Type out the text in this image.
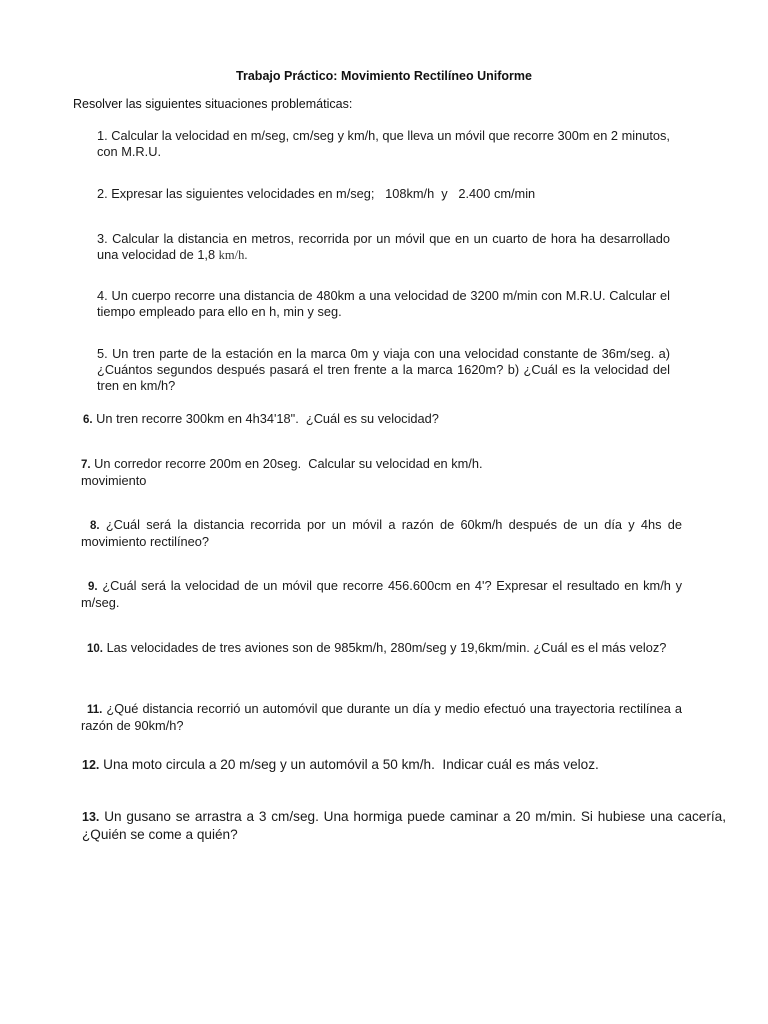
Trabajo Práctico: Movimiento Rectilíneo Uniforme
Resolver las siguientes situaciones problemáticas:
1. Calcular la velocidad en m/seg, cm/seg y km/h, que lleva un móvil que recorre 300m en 2 minutos, con M.R.U.
2. Expresar las siguientes velocidades en m/seg;   108km/h  y   2.400 cm/min
3. Calcular la distancia en metros, recorrida por un móvil que en un cuarto de hora ha desarrollado una velocidad de 1,8 km/h.
4. Un cuerpo recorre una distancia de 480km a una velocidad de 3200 m/min con M.R.U. Calcular el tiempo empleado para ello en h, min y seg.
5. Un tren parte de la estación en la marca 0m y viaja con una velocidad constante de 36m/seg. a) ¿Cuántos segundos después pasará el tren frente a la marca 1620m? b) ¿Cuál es la velocidad del tren en km/h?
6. Un tren recorre 300km en 4h34'18".  ¿Cuál es su velocidad?
7. Un corredor recorre 200m en 20seg.  Calcular su velocidad en km/h.
movimiento
8. ¿Cuál será la distancia recorrida por un móvil a razón de 60km/h después de un día y 4hs de movimiento rectilíneo?
9. ¿Cuál será la velocidad de un móvil que recorre 456.600cm en 4'? Expresar el resultado en km/h y m/seg.
10. Las velocidades de tres aviones son de 985km/h, 280m/seg y 19,6km/min. ¿Cuál es el más veloz?
11. ¿Qué distancia recorrió un automóvil que durante un día y medio efectuó una trayectoria rectilínea a razón de 90km/h?
12. Una moto circula a 20 m/seg y un automóvil a 50 km/h.  Indicar cuál es más veloz.
13. Un gusano se arrastra a 3 cm/seg. Una hormiga puede caminar a 20 m/min. Si hubiese una cacería, ¿Quién se come a quién?
